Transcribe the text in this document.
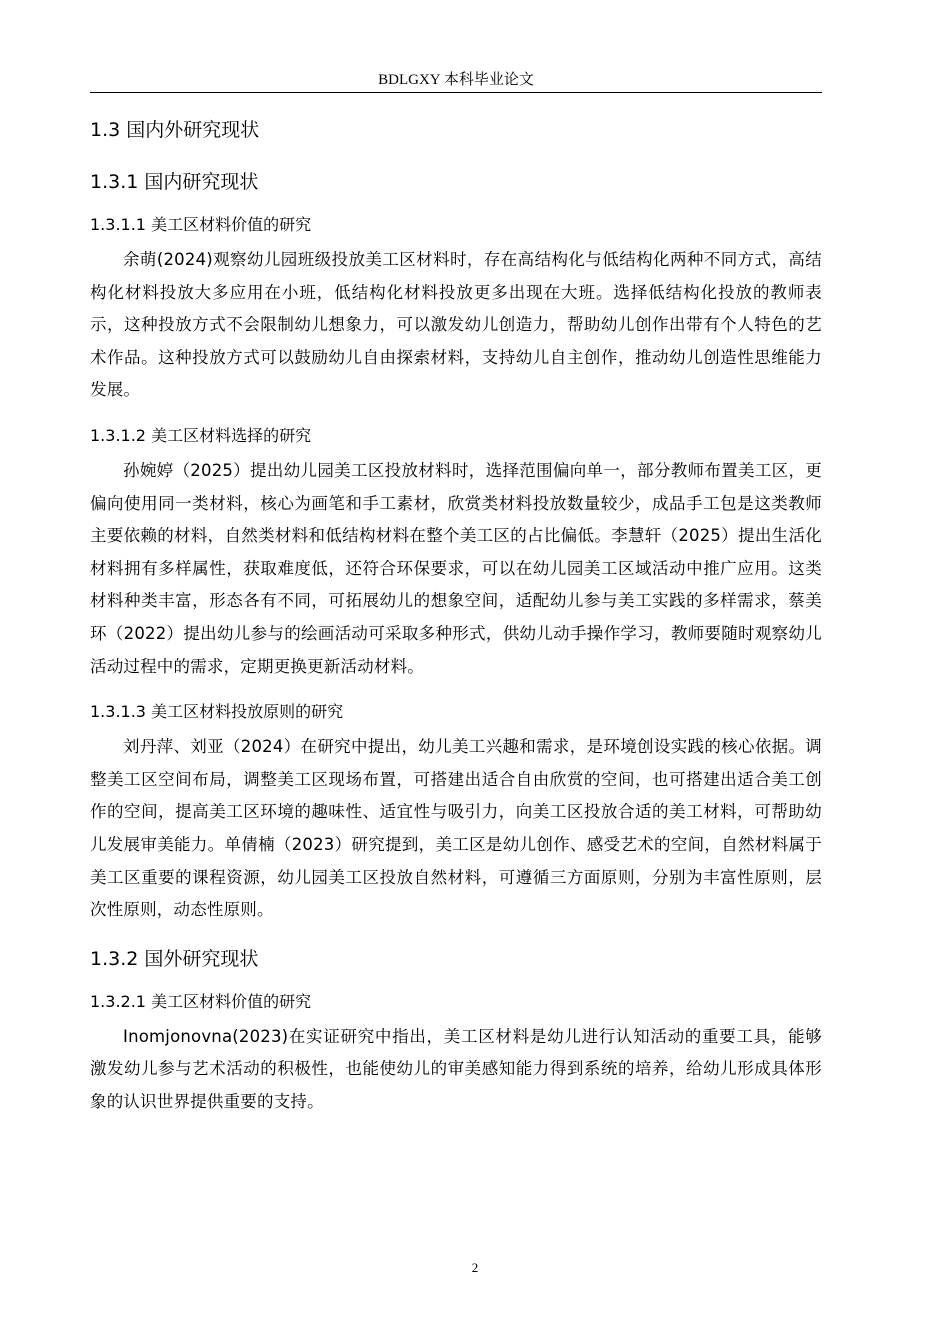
BDLGXY 本科毕业论文
1.3 国内外研究现状
1.3.1 国内研究现状
1.3.1.1 美工区材料价值的研究

余萌(2024)观察幼儿园班级投放美工区材料时，存在高结构化与低结构化两种不同方式，高结构化材料投放大多应用在小班，低结构化材料投放更多出现在大班。选择低结构化投放的教师表示，这种投放方式不会限制幼儿想象力，可以激发幼儿创造力，帮助幼儿创作出带有个人特色的艺术作品。这种投放方式可以鼓励幼儿自由探索材料，支持幼儿自主创作，推动幼儿创造性思维能力发展。

1.3.1.2 美工区材料选择的研究

孙婉婷（2025）提出幼儿园美工区投放材料时，选择范围偏向单一，部分教师布置美工区，更偏向使用同一类材料，核心为画笔和手工素材，欣赏类材料投放数量较少，成品手工包是这类教师主要依赖的材料，自然类材料和低结构材料在整个美工区的占比偏低。李慧轩（2025）提出生活化材料拥有多样属性，获取难度低，还符合环保要求，可以在幼儿园美工区域活动中推广应用。这类材料种类丰富，形态各有不同，可拓展幼儿的想象空间，适配幼儿参与美工实践的多样需求，蔡美环（2022）提出幼儿参与的绘画活动可采取多种形式，供幼儿动手操作学习，教师要随时观察幼儿活动过程中的需求，定期更换更新活动材料。

1.3.1.3 美工区材料投放原则的研究

刘丹萍、刘亚（2024）在研究中提出，幼儿美工兴趣和需求，是环境创设实践的核心依据。调整美工区空间布局，调整美工区现场布置，可搭建出适合自由欣赏的空间，也可搭建出适合美工创作的空间，提高美工区环境的趣味性、适宜性与吸引力，向美工区投放合适的美工材料，可帮助幼儿发展审美能力。单倩楠（2023）研究提到，美工区是幼儿创作、感受艺术的空间，自然材料属于美工区重要的课程资源，幼儿园美工区投放自然材料，可遵循三方面原则，分别为丰富性原则，层次性原则，动态性原则。

1.3.2 国外研究现状
1.3.2.1 美工区材料价值的研究

Inomjonovna(2023)在实证研究中指出，美工区材料是幼儿进行认知活动的重要工具，能够激发幼儿参与艺术活动的积极性，也能使幼儿的审美感知能力得到系统的培养，给幼儿形成具体形象的认识世界提供重要的支持。

2
